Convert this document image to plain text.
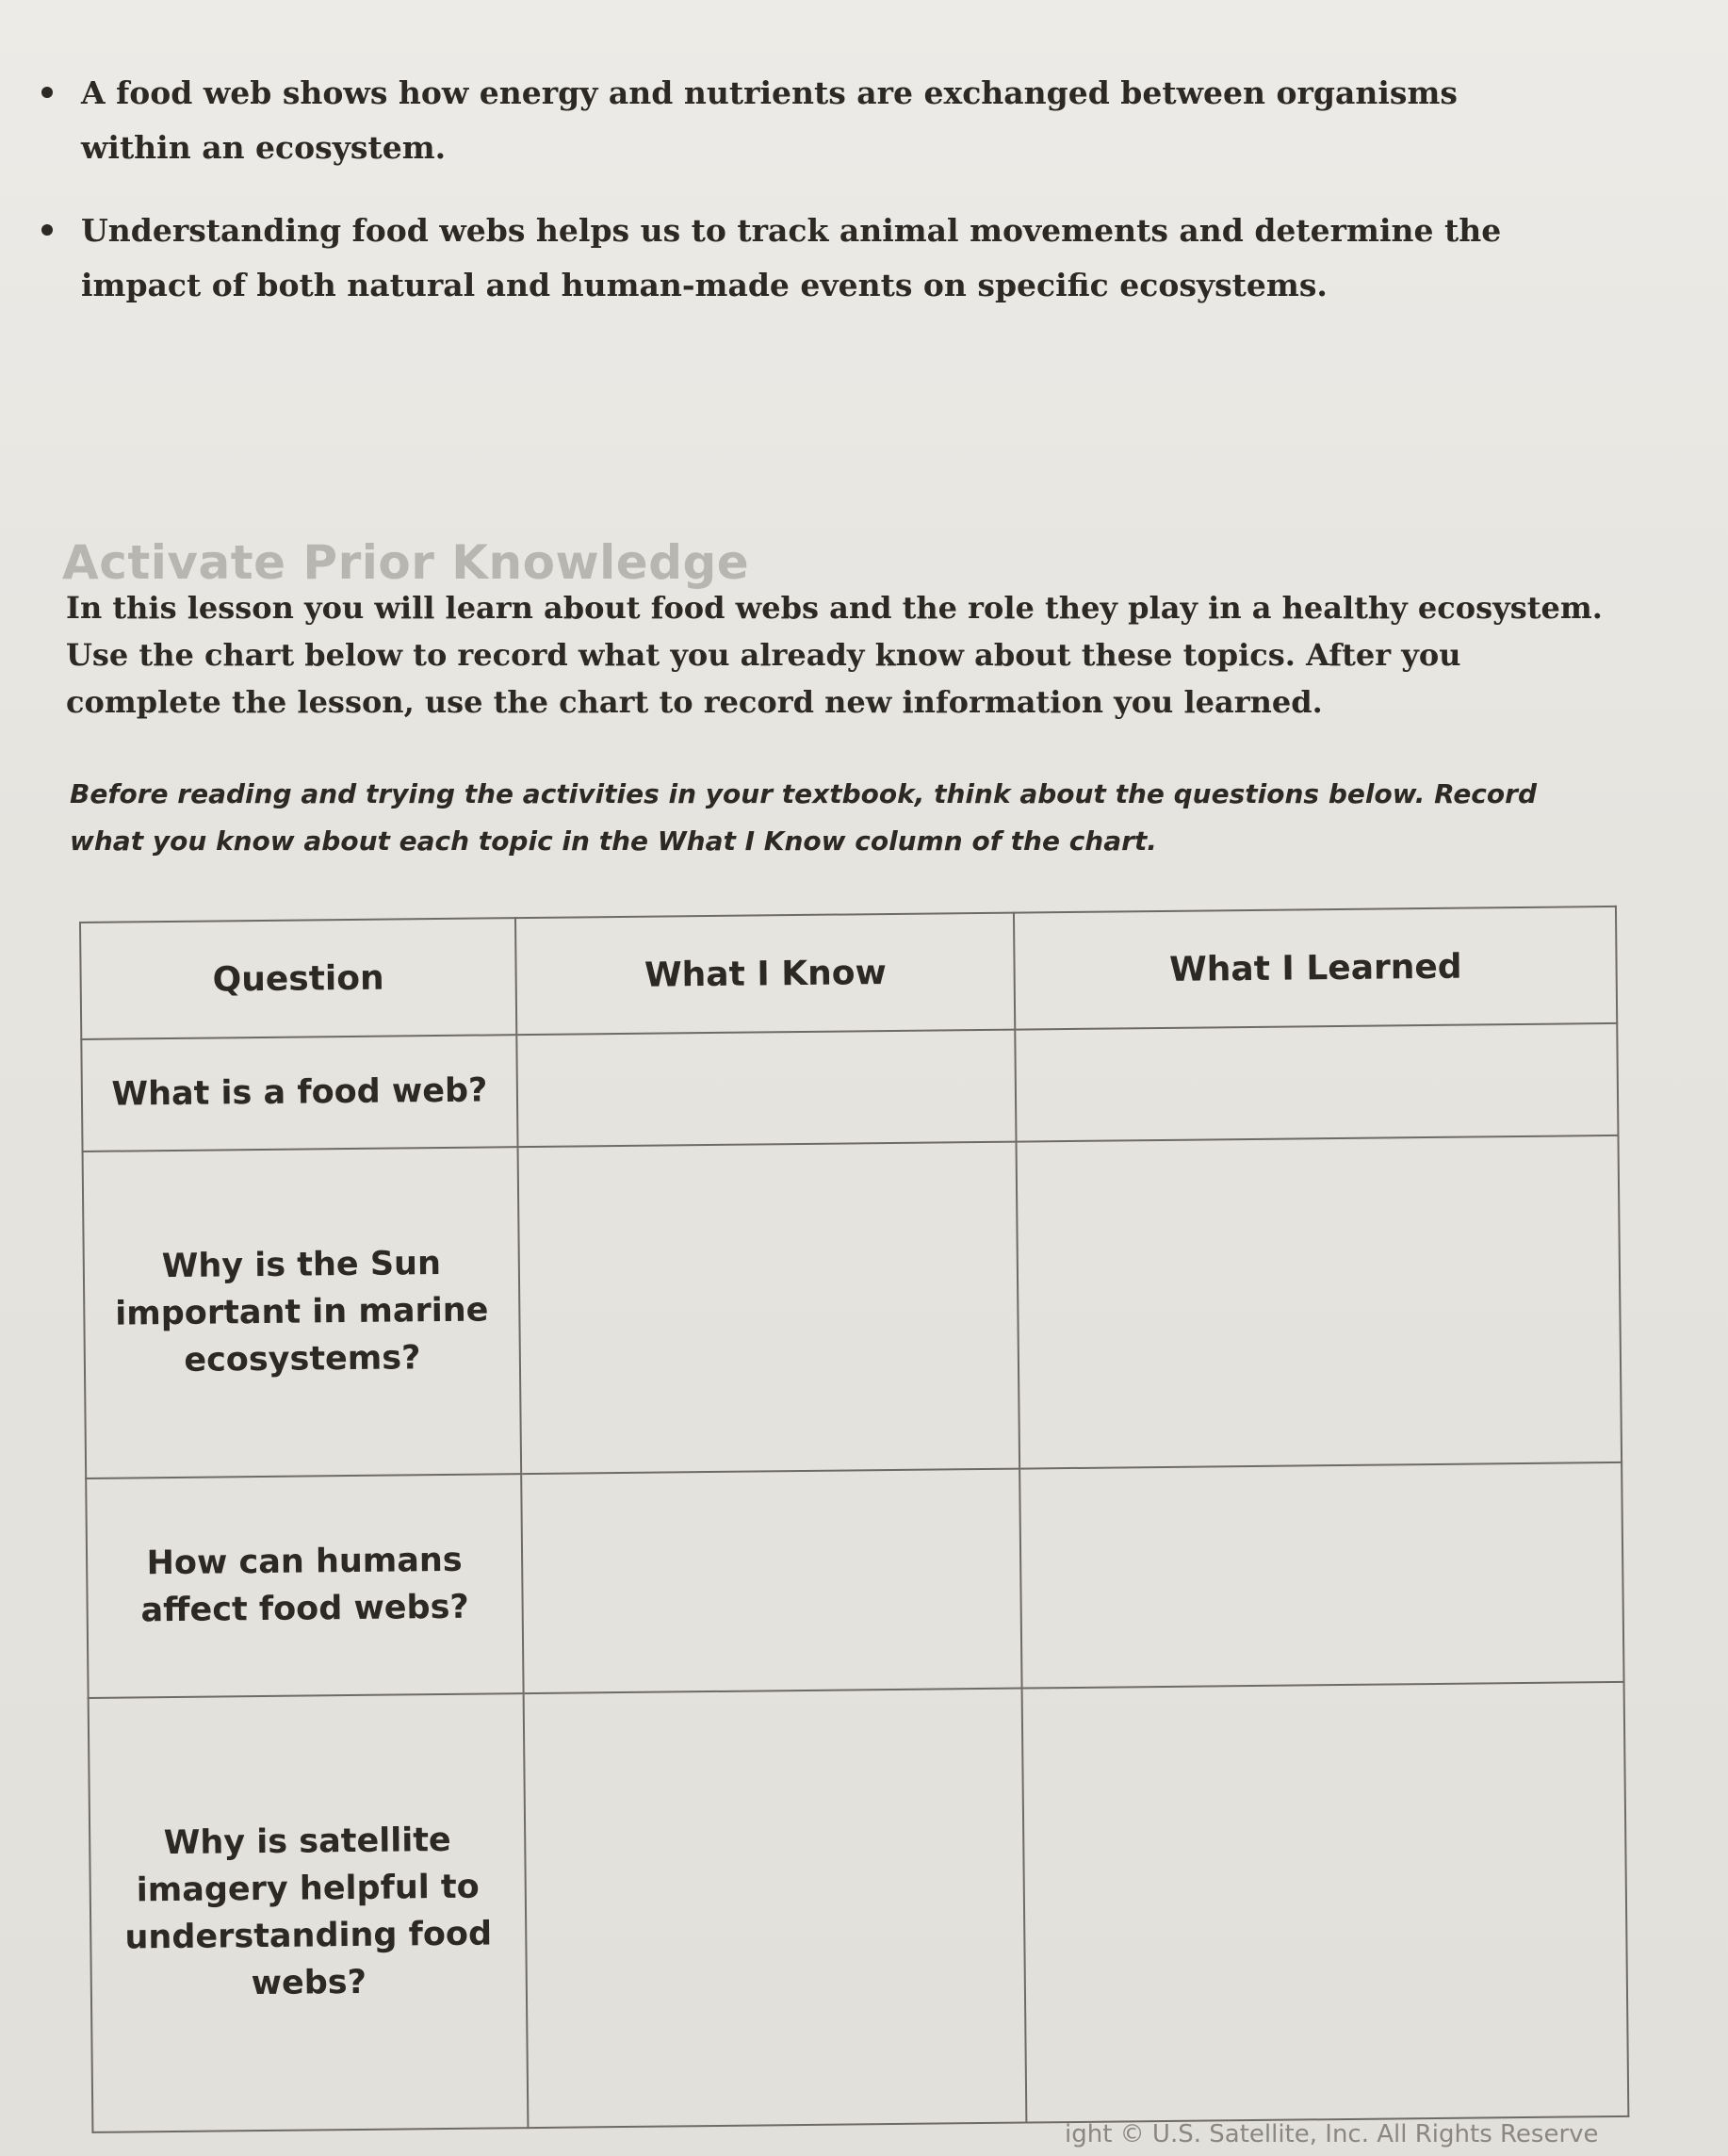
A food web shows how energy and nutrients are exchanged between organisms within an ecosystem.
Understanding food webs helps us to track animal movements and determine the impact of both natural and human-made events on specific ecosystems.
Activate Prior Knowledge
In this lesson you will learn about food webs and the role they play in a healthy ecosystem. Use the chart below to record what you already know about these topics. After you complete the lesson, use the chart to record new information you learned.
Before reading and trying the activities in your textbook, think about the questions below. Record what you know about each topic in the What I Know column of the chart.
Question	What I Know	What I Learned
What is a food web?		
Why is the Sun important in marine ecosystems?		
How can humans affect food webs?		
Why is satellite imagery helpful to understanding food webs?		
ight © U.S. Satellite, Inc. All Rights Reserve
